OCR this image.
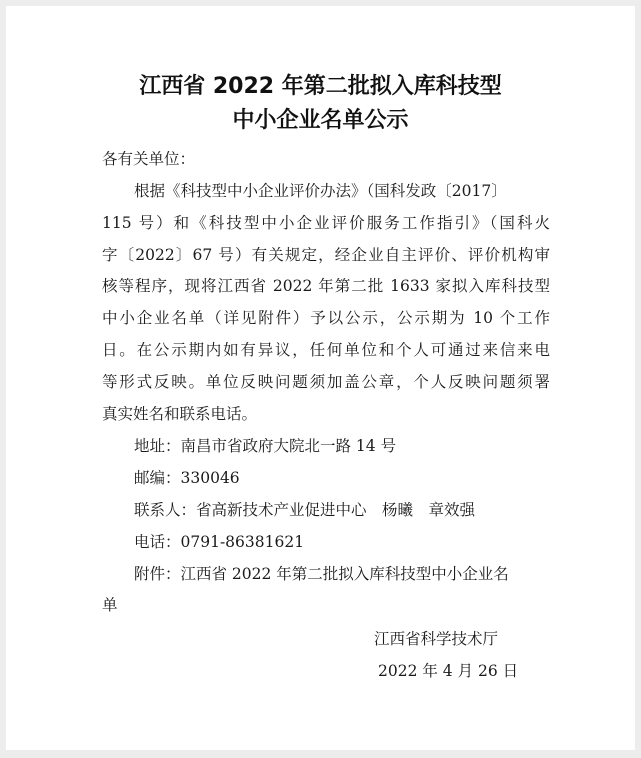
江西省 2022 年第二批拟入库科技型
中小企业名单公示
各有关单位：
根据《科技型中小企业评价办法》（国科发政〔2017〕
115 号）和《科技型中小企业评价服务工作指引》（国科火
字〔2022〕67 号）有关规定，经企业自主评价、评价机构审
核等程序，现将江西省 2022 年第二批 1633 家拟入库科技型
中小企业名单（详见附件）予以公示，公示期为 10 个工作
日。在公示期内如有异议，任何单位和个人可通过来信来电
等形式反映。单位反映问题须加盖公章，个人反映问题须署
真实姓名和联系电话。
地址：南昌市省政府大院北一路 14 号
邮编：330046
联系人：省高新技术产业促进中心　杨曦　章效强
电话：0791-86381621
附件：江西省 2022 年第二批拟入库科技型中小企业名
单
江西省科学技术厅
2022 年 4 月 26 日
